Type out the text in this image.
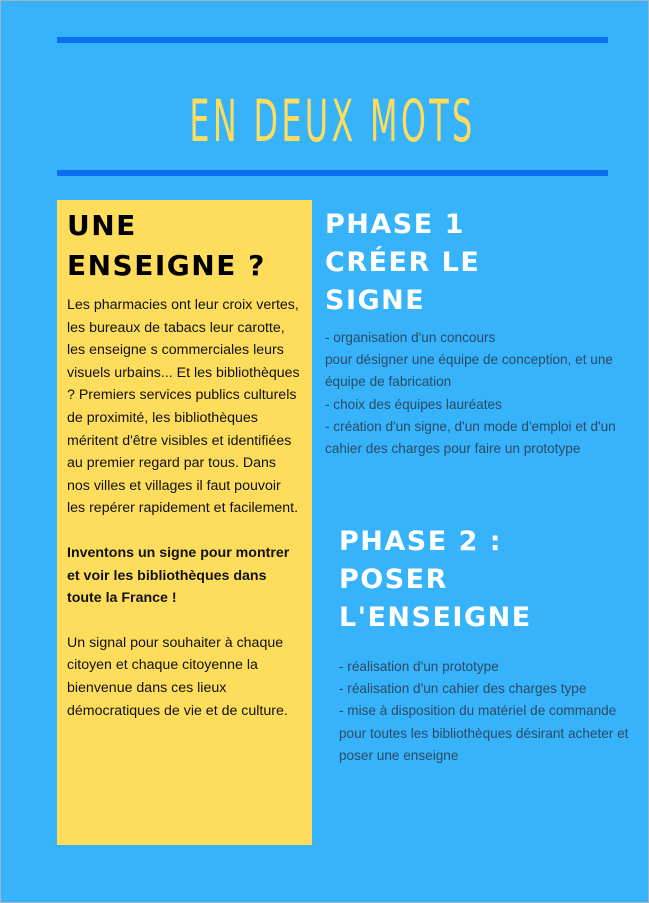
EN DEUX MOTS
UNE ENSEIGNE ?

Les pharmacies ont leur croix vertes, les bureaux de tabacs leur carotte, les enseigne s commerciales leurs visuels urbains... Et les bibliothèques ? Premiers services publics culturels de proximité, les bibliothèques méritent d'être visibles et identifiées au premier regard par tous. Dans nos villes et villages il faut pouvoir les repérer rapidement et facilement.

Inventons un signe pour montrer et voir les bibliothèques dans toute la France !

Un signal pour souhaiter à chaque citoyen et chaque citoyenne la bienvenue dans ces lieux démocratiques de vie et de culture.

PHASE 1
CRÉER LE
SIGNE
- organisation d'un concours
pour désigner une équipe de conception, et une équipe de fabrication
- choix des équipes lauréates
- création d'un signe, d'un mode d'emploi et d'un cahier des charges pour faire un prototype
PHASE 2 :
POSER
L'ENSEIGNE
- réalisation d'un prototype
- réalisation d'un cahier des charges type
- mise à disposition du matériel de commande pour toutes les bibliothèques désirant acheter et poser une enseigne
